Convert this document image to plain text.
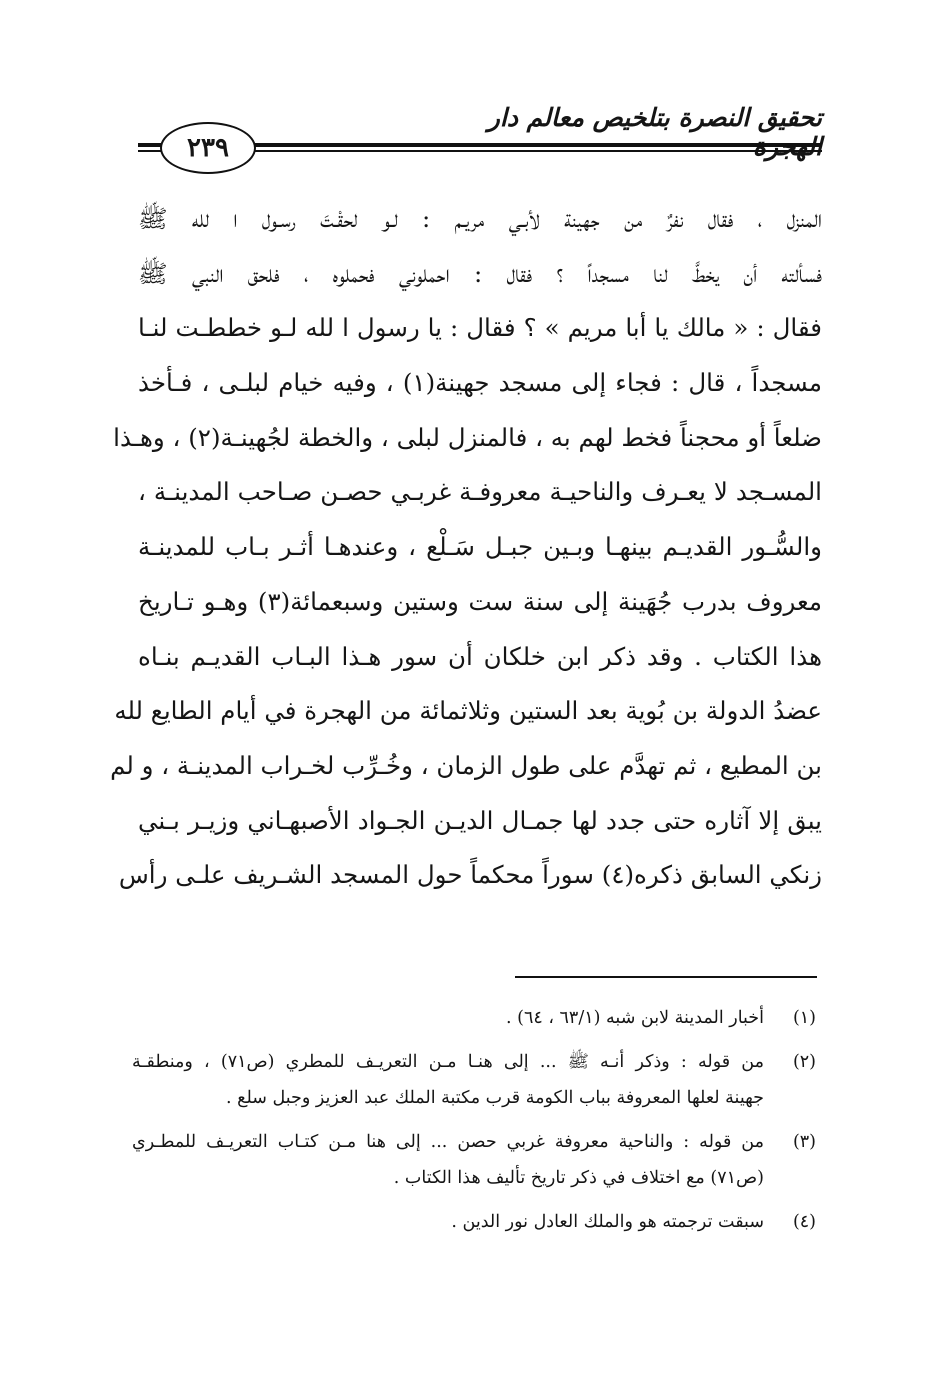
تحقيق النصرة بتلخيص معالم دار
٢٣٩
المنزل ، فقال نفرٌ من جهينة لأبـي مريـم : لـو لحقْـتَ رسـول ا لله ﷺ
فسألته أن يخطَّ لنا مسجداً ؟ فقال : احملوني فحملوه ، فلحق النبي ﷺ
فقال : « مالك يا أبا مريم » ؟ فقال : يا رسول ا لله لـو خططـت لنـا
مسجداً ، قال : فجاء إلى مسجد جهينة(١) ، وفيه خيام لبلـى ، فـأخذ
ضلعاً أو محجناً فخط لهم به ، فالمنزل لبلى ، والخطة لجُهينـة(٢) ، وهـذا
المسـجد لا يعـرف والناحيـة معروفـة غربـي حصـن صـاحب المدينـة ،
والسُّـور القديـم بينهـا وبـين جبـل سَـلْع ، وعندهـا أثـر بـاب للمدينـة
معروف بدرب جُهَينة إلى سنة ست وستين وسبعمائة(٣) وهـو تـاريخ
هذا الكتاب . وقد ذكر ابن خلكان أن سور هـذا البـاب القديـم بنـاه
عضدُ الدولة بن بُوية بعد الستين وثلاثمائة من الهجرة في أيام الطايع لله
بن المطيع ، ثم تهدَّم على طول الزمان ، وخُـرِّب لخـراب المدينـة ، و لم
يبق إلا آثاره حتى جدد لها جمـال الديـن الجـواد الأصبهـاني وزيـر بـني
زنكي السابق ذكره(٤) سوراً محكماً حول المسجد الشـريف علـى رأس
(١)
أخبار المدينة لابن شبه (٦٣/١ ، ٦٤) .
(٢)
من قوله : وذكر أنـه ﷺ ... إلى هنـا مـن التعريـف للمطري (ص٧١) ، ومنطقـة
جهينة لعلها المعروفة بباب الكومة قرب مكتبة الملك عبد العزيز وجبل سلع .
(٣)
من قوله : والناحية معروفة غربي حصن ... إلى هنا مـن كتـاب التعريـف للمطـري
(ص٧١) مع اختلاف في ذكر تاريخ تأليف هذا الكتاب .
(٤)
سبقت ترجمته هو والملك العادل نور الدين .
